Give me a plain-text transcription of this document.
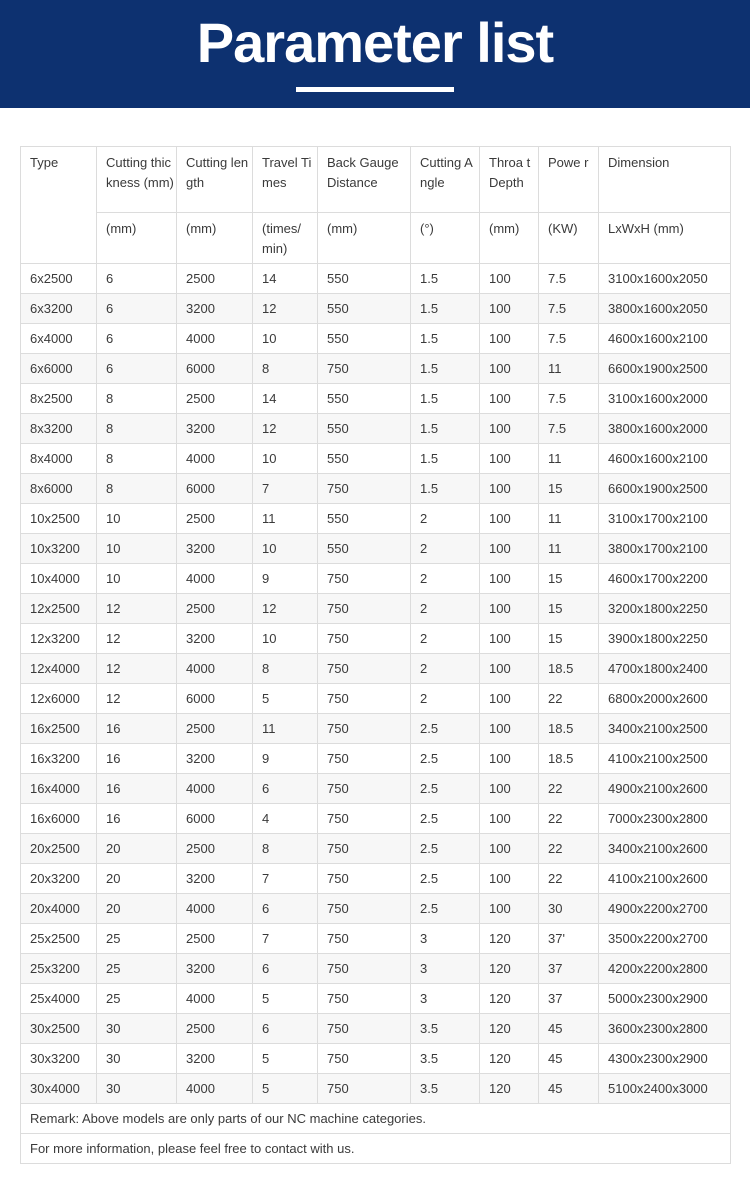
Parameter list
Type	Cutting thickness (mm)	Cutting length	Travel Times	Back Gauge Distance	Cutting Angle	Throa t Depth	Powe r	Dimension
	(mm)	(mm)	(times/ min)	(mm)	(°)	(mm)	(KW)	LxWxH (mm)
6x2500	6	2500	14	550	1.5	100	7.5	3100x1600x2050
6x3200	6	3200	12	550	1.5	100	7.5	3800x1600x2050
6x4000	6	4000	10	550	1.5	100	7.5	4600x1600x2100
6x6000	6	6000	8	750	1.5	100	11	6600x1900x2500
8x2500	8	2500	14	550	1.5	100	7.5	3100x1600x2000
8x3200	8	3200	12	550	1.5	100	7.5	3800x1600x2000
8x4000	8	4000	10	550	1.5	100	11	4600x1600x2100
8x6000	8	6000	7	750	1.5	100	15	6600x1900x2500
10x2500	10	2500	11	550	2	100	11	3100x1700x2100
10x3200	10	3200	10	550	2	100	11	3800x1700x2100
10x4000	10	4000	9	750	2	100	15	4600x1700x2200
12x2500	12	2500	12	750	2	100	15	3200x1800x2250
12x3200	12	3200	10	750	2	100	15	3900x1800x2250
12x4000	12	4000	8	750	2	100	18.5	4700x1800x2400
12x6000	12	6000	5	750	2	100	22	6800x2000x2600
16x2500	16	2500	11	750	2.5	100	18.5	3400x2100x2500
16x3200	16	3200	9	750	2.5	100	18.5	4100x2100x2500
16x4000	16	4000	6	750	2.5	100	22	4900x2100x2600
16x6000	16	6000	4	750	2.5	100	22	7000x2300x2800
20x2500	20	2500	8	750	2.5	100	22	3400x2100x2600
20x3200	20	3200	7	750	2.5	100	22	4100x2100x2600
20x4000	20	4000	6	750	2.5	100	30	4900x2200x2700
25x2500	25	2500	7	750	3	120	37'	3500x2200x2700
25x3200	25	3200	6	750	3	120	37	4200x2200x2800
25x4000	25	4000	5	750	3	120	37	5000x2300x2900
30x2500	30	2500	6	750	3.5	120	45	3600x2300x2800
30x3200	30	3200	5	750	3.5	120	45	4300x2300x2900
30x4000	30	4000	5	750	3.5	120	45	5100x2400x3000
Remark: Above models are only parts of our NC machine categories.								
For more information, please feel free to contact with us.								
